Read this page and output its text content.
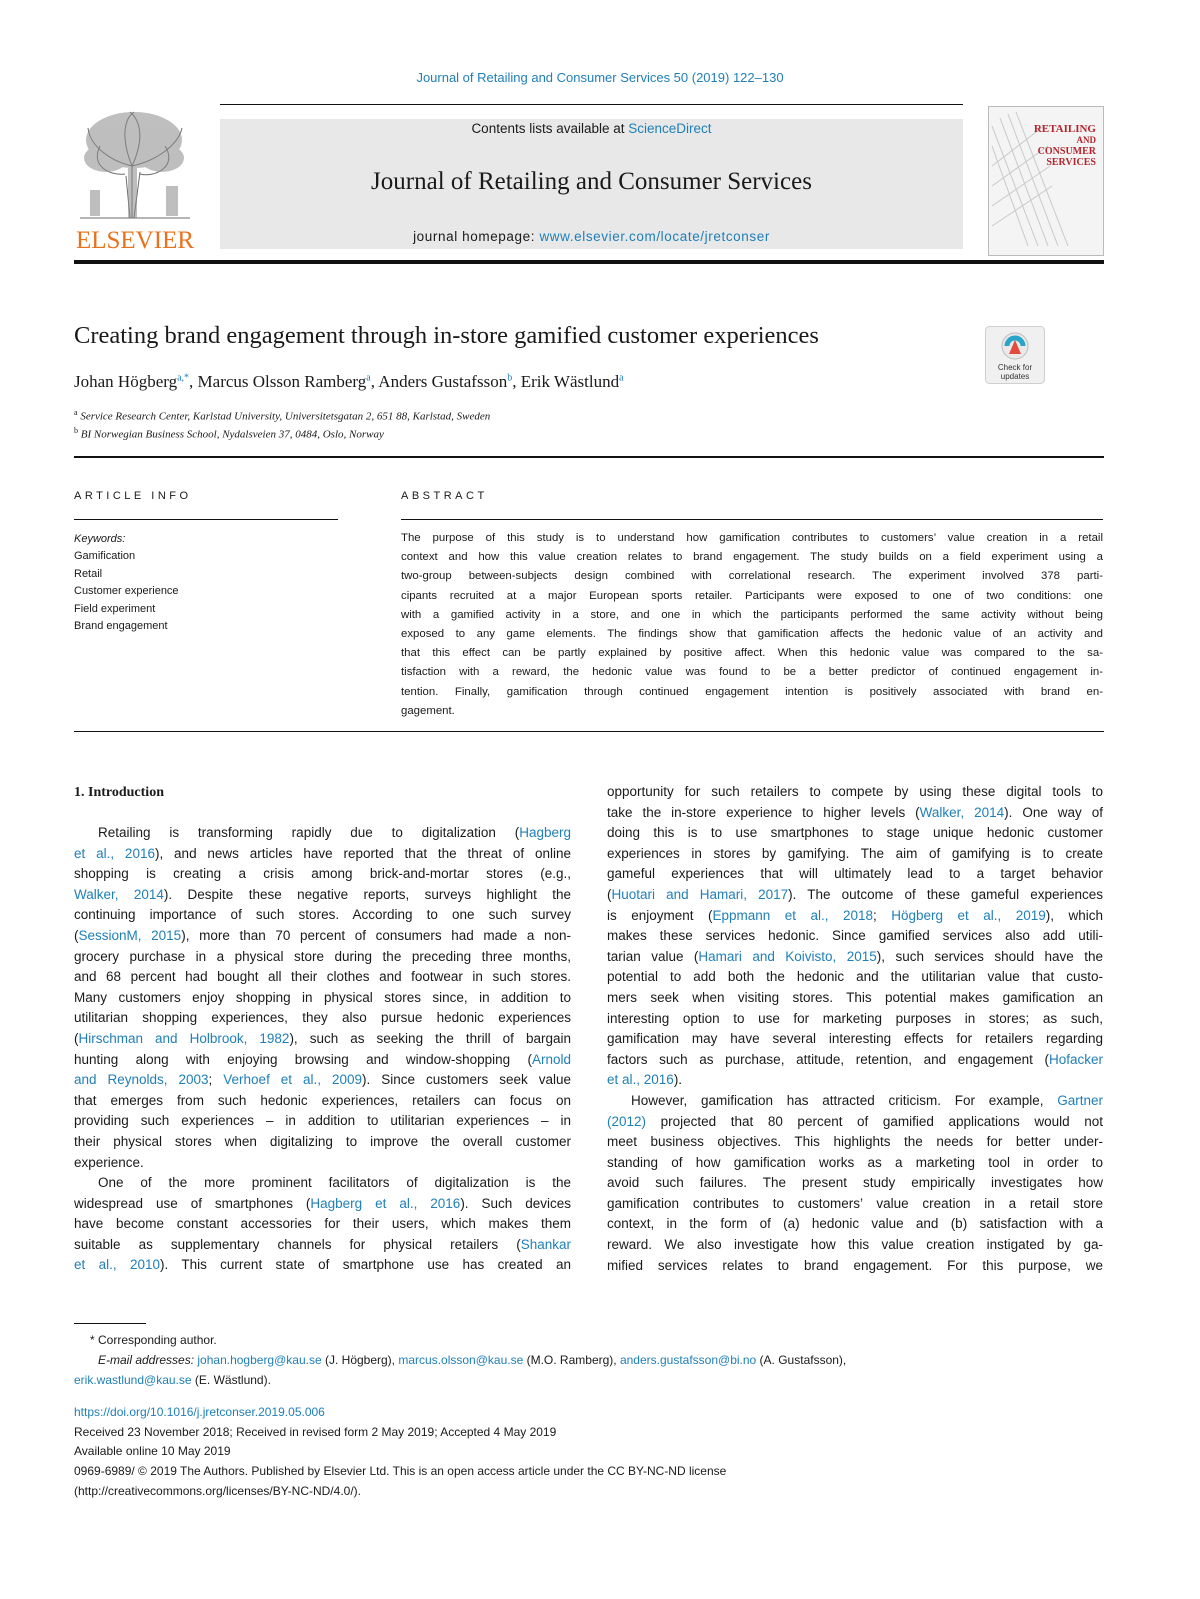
Journal of Retailing and Consumer Services 50 (2019) 122–130
ELSEVIER
Contents lists available at ScienceDirect
Journal of Retailing and Consumer Services
journal homepage: www.elsevier.com/locate/jretconser
RETAILING
AND
CONSUMER
SERVICES
Creating brand engagement through in-store gamified customer experiences
Check for
updates
Johan Högberg$^{a,*}$, Marcus Olsson Ramberg$^a$, Anders Gustafsson$^b$, Erik Wästlund$^a$
$^a$ Service Research Center, Karlstad University, Universitetsgatan 2, 651 88, Karlstad, Sweden
$^b$ BI Norwegian Business School, Nydalsveien 37, 0484, Oslo, Norway
ARTICLE INFO
Keywords:
Gamification
Retail
Customer experience
Field experiment
Brand engagement
ABSTRACT
The purpose of this study is to understand how gamification contributes to customers’ value creation in a retail
context and how this value creation relates to brand engagement. The study builds on a field experiment using a
two-group between-subjects design combined with correlational research. The experiment involved 378 parti-
cipants recruited at a major European sports retailer. Participants were exposed to one of two conditions: one
with a gamified activity in a store, and one in which the participants performed the same activity without being
exposed to any game elements. The findings show that gamification affects the hedonic value of an activity and
that this effect can be partly explained by positive affect. When this hedonic value was compared to the sa-
tisfaction with a reward, the hedonic value was found to be a better predictor of continued engagement in-
tention. Finally, gamification through continued engagement intention is positively associated with brand en-
gagement.
1. Introduction
Retailing is transforming rapidly due to digitalization (Hagberg
et al., 2016), and news articles have reported that the threat of online
shopping is creating a crisis among brick-and-mortar stores (e.g.,
Walker, 2014). Despite these negative reports, surveys highlight the
continuing importance of such stores. According to one such survey
(SessionM, 2015), more than 70 percent of consumers had made a non-
grocery purchase in a physical store during the preceding three months,
and 68 percent had bought all their clothes and footwear in such stores.
Many customers enjoy shopping in physical stores since, in addition to
utilitarian shopping experiences, they also pursue hedonic experiences
(Hirschman and Holbrook, 1982), such as seeking the thrill of bargain
hunting along with enjoying browsing and window-shopping (Arnold
and Reynolds, 2003; Verhoef et al., 2009). Since customers seek value
that emerges from such hedonic experiences, retailers can focus on
providing such experiences – in addition to utilitarian experiences – in
their physical stores when digitalizing to improve the overall customer
experience.
One of the more prominent facilitators of digitalization is the
widespread use of smartphones (Hagberg et al., 2016). Such devices
have become constant accessories for their users, which makes them
suitable as supplementary channels for physical retailers (Shankar
et al., 2010). This current state of smartphone use has created an
opportunity for such retailers to compete by using these digital tools to
take the in-store experience to higher levels (Walker, 2014). One way of
doing this is to use smartphones to stage unique hedonic customer
experiences in stores by gamifying. The aim of gamifying is to create
gameful experiences that will ultimately lead to a target behavior
(Huotari and Hamari, 2017). The outcome of these gameful experiences
is enjoyment (Eppmann et al., 2018; Högberg et al., 2019), which
makes these services hedonic. Since gamified services also add utili-
tarian value (Hamari and Koivisto, 2015), such services should have the
potential to add both the hedonic and the utilitarian value that custo-
mers seek when visiting stores. This potential makes gamification an
interesting option to use for marketing purposes in stores; as such,
gamification may have several interesting effects for retailers regarding
factors such as purchase, attitude, retention, and engagement (Hofacker
et al., 2016).
However, gamification has attracted criticism. For example, Gartner
(2012) projected that 80 percent of gamified applications would not
meet business objectives. This highlights the needs for better under-
standing of how gamification works as a marketing tool in order to
avoid such failures. The present study empirically investigates how
gamification contributes to customers’ value creation in a retail store
context, in the form of (a) hedonic value and (b) satisfaction with a
reward. We also investigate how this value creation instigated by ga-
mified services relates to brand engagement. For this purpose, we
* Corresponding author.
E-mail addresses: johan.hogberg@kau.se (J. Högberg), marcus.olsson@kau.se (M.O. Ramberg), anders.gustafsson@bi.no (A. Gustafsson),
erik.wastlund@kau.se (E. Wästlund).
https://doi.org/10.1016/j.jretconser.2019.05.006
Received 23 November 2018; Received in revised form 2 May 2019; Accepted 4 May 2019
Available online 10 May 2019
0969-6989/ © 2019 The Authors. Published by Elsevier Ltd. This is an open access article under the CC BY-NC-ND license
(http://creativecommons.org/licenses/BY-NC-ND/4.0/).
